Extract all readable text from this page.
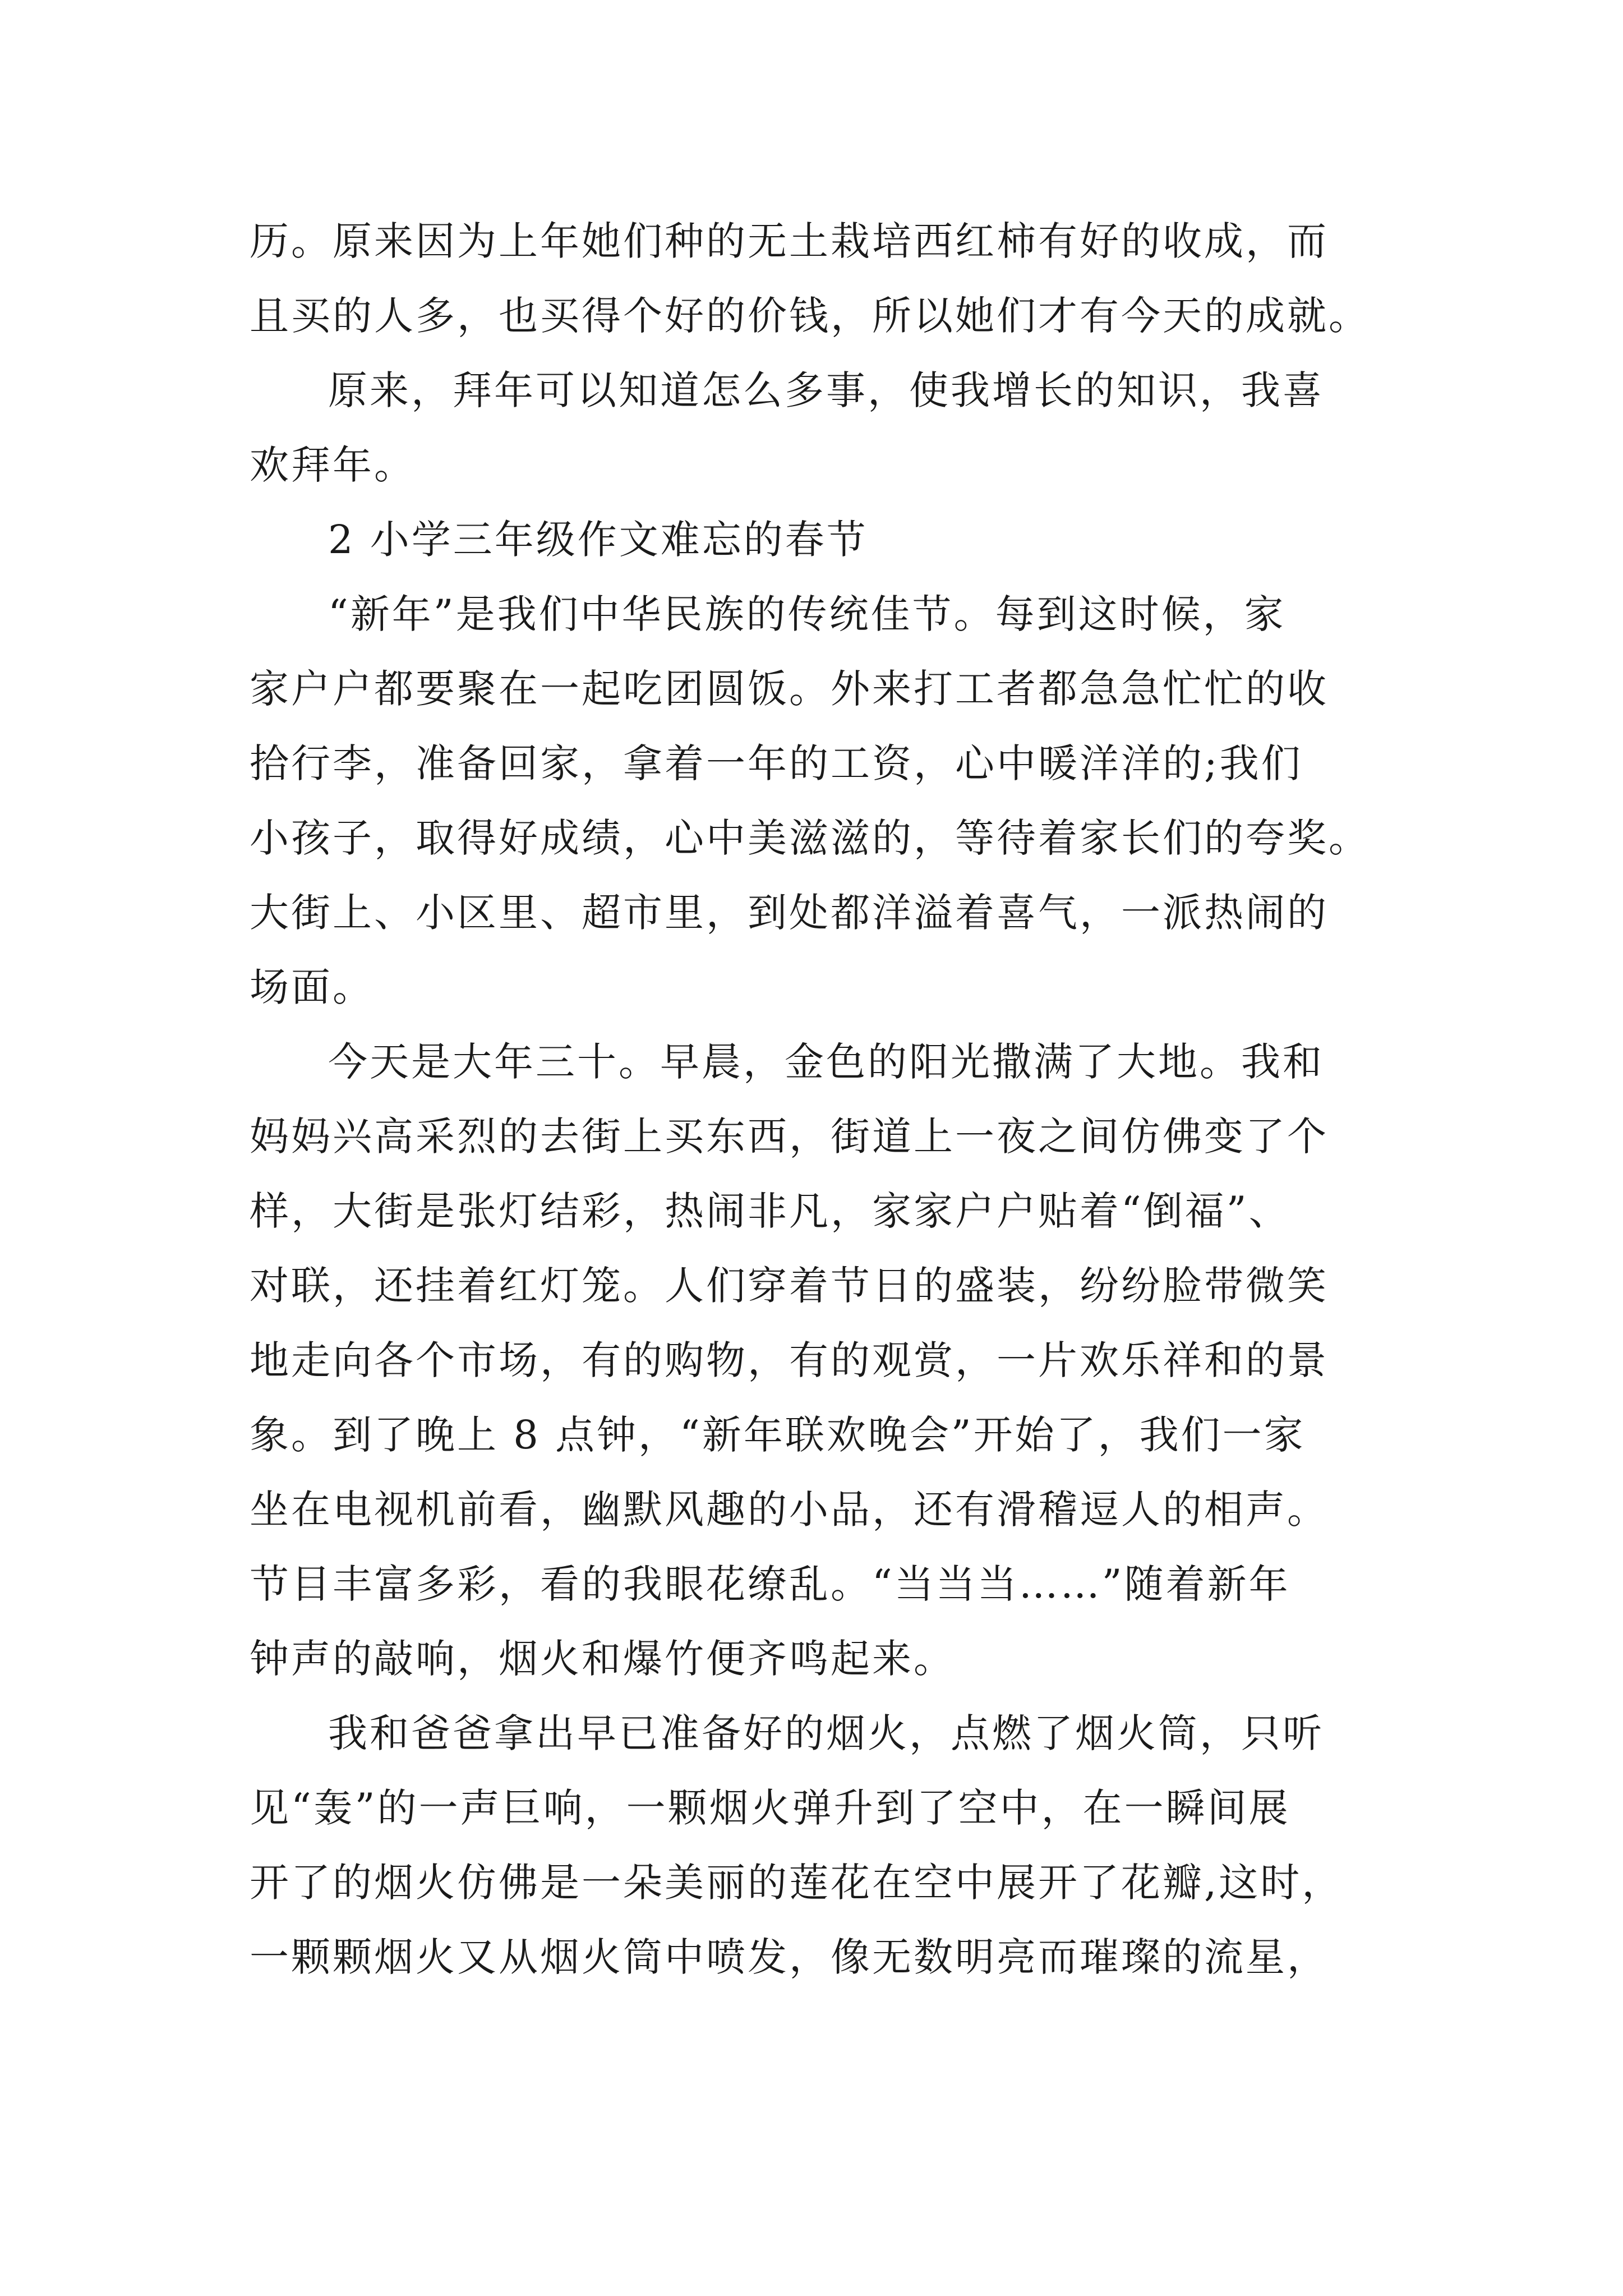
历。原来因为上年她们种的无土栽培西红柿有好的收成，而

且买的人多，也买得个好的价钱，所以她们才有今天的成就。

原来，拜年可以知道怎么多事，使我增长的知识，我喜

欢拜年。

2 小学三年级作文难忘的春节

“新年”是我们中华民族的传统佳节。每到这时候，家

家户户都要聚在一起吃团圆饭。外来打工者都急急忙忙的收

拾行李，准备回家，拿着一年的工资，心中暖洋洋的;我们

小孩子，取得好成绩，心中美滋滋的，等待着家长们的夸奖。

大街上、小区里、超市里，到处都洋溢着喜气，一派热闹的

场面。

今天是大年三十。早晨，金色的阳光撒满了大地。我和

妈妈兴高采烈的去街上买东西，街道上一夜之间仿佛变了个

样，大街是张灯结彩，热闹非凡，家家户户贴着“倒福”、

对联，还挂着红灯笼。人们穿着节日的盛装，纷纷脸带微笑

地走向各个市场，有的购物，有的观赏，一片欢乐祥和的景

象。到了晚上 8 点钟，“新年联欢晚会”开始了，我们一家

坐在电视机前看，幽默风趣的小品，还有滑稽逗人的相声。

节目丰富多彩，看的我眼花缭乱。“当当当……”随着新年

钟声的敲响，烟火和爆竹便齐鸣起来。

我和爸爸拿出早已准备好的烟火，点燃了烟火筒，只听

见“轰”的一声巨响，一颗烟火弹升到了空中，在一瞬间展

开了的烟火仿佛是一朵美丽的莲花在空中展开了花瓣,这时，

一颗颗烟火又从烟火筒中喷发，像无数明亮而璀璨的流星，
